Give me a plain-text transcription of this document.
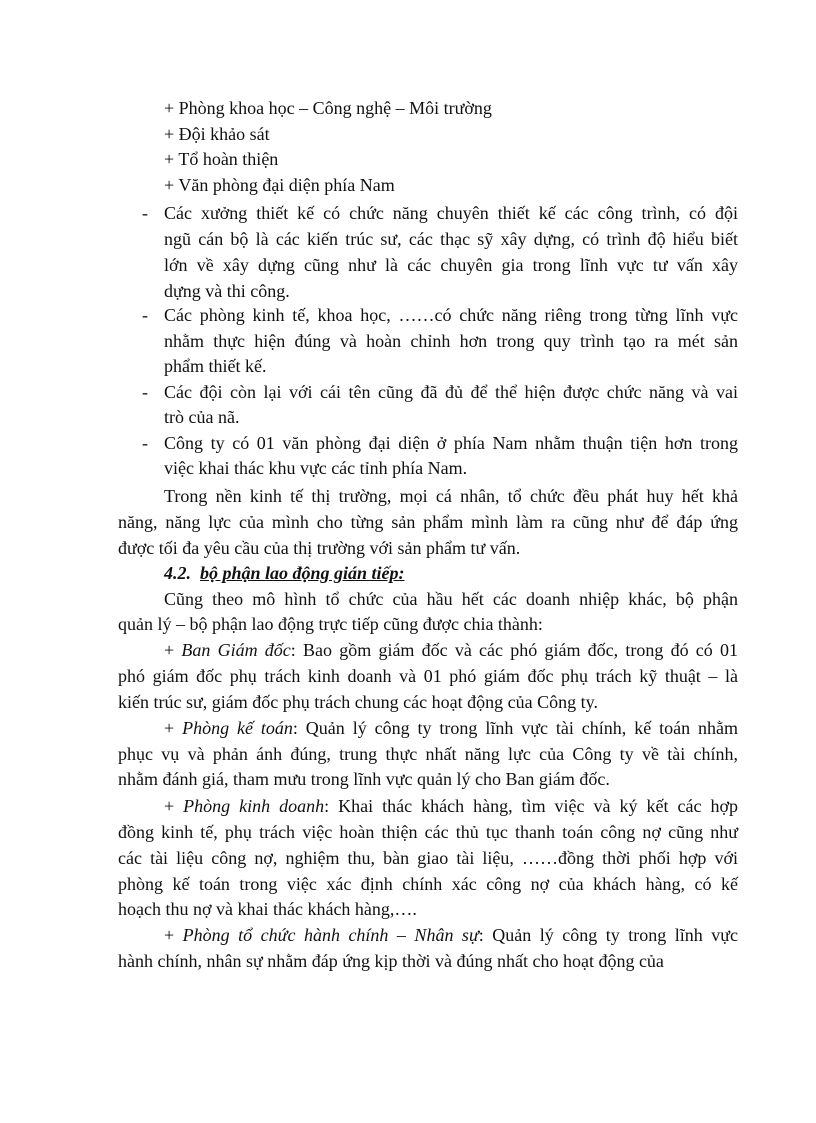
+ Phòng khoa học – Công nghệ – Môi trường
+ Đội khảo sát
+ Tổ hoàn thiện
+ Văn phòng đại diện phía Nam
- Các xưởng thiết kế có chức năng chuyên thiết kế các công trình, có đội
ngũ cán bộ là các kiến trúc sư, các thạc sỹ xây dựng, có trình độ hiểu biết
lớn về xây dựng cũng như là các chuyên gia trong lĩnh vực tư vấn xây
dựng và thi công.
- Các phòng kinh tế, khoa học, ……có chức năng riêng trong từng lĩnh vực
nhằm thực hiện đúng và hoàn chỉnh hơn trong quy trình tạo ra mét sản
phẩm thiết kế.
- Các đội còn lại với cái tên cũng đã đủ để thể hiện được chức năng và vai
trò của nã.
- Công ty có 01 văn phòng đại diện ở phía Nam nhằm thuận tiện hơn trong
việc khai thác khu vực các tỉnh phía Nam.
Trong nền kinh tế thị trường, mọi cá nhân, tổ chức đều phát huy hết khả
năng, năng lực của mình cho từng sản phẩm mình làm ra cũng như để đáp ứng
được tối đa yêu cầu của thị trường với sản phẩm tư vấn.
4.2. bộ phận lao động gián tiếp:
Cũng theo mô hình tổ chức của hầu hết các doanh nhiệp khác, bộ phận
quản lý – bộ phận lao động trực tiếp cũng được chia thành:
+ Ban Giám đốc: Bao gồm giám đốc và các phó giám đốc, trong đó có 01
phó giám đốc phụ trách kinh doanh và 01 phó giám đốc phụ trách kỹ thuật – là
kiến trúc sư, giám đốc phụ trách chung các hoạt động của Công ty.
+ Phòng kế toán: Quản lý công ty trong lĩnh vực tài chính, kế toán nhằm
phục vụ và phản ánh đúng, trung thực nhất năng lực của Công ty về tài chính,
nhằm đánh giá, tham mưu trong lĩnh vực quản lý cho Ban giám đốc.
+ Phòng kinh doanh: Khai thác khách hàng, tìm việc và ký kết các hợp
đồng kinh tế, phụ trách việc hoàn thiện các thủ tục thanh toán công nợ cũng như
các tài liệu công nợ, nghiệm thu, bàn giao tài liệu, ……đồng thời phối hợp với
phòng kế toán trong việc xác định chính xác công nợ của khách hàng, có kế
hoạch thu nợ và khai thác khách hàng,….
+ Phòng tổ chức hành chính – Nhân sự: Quản lý công ty trong lĩnh vực
hành chính, nhân sự nhằm đáp ứng kịp thời và đúng nhất cho hoạt động của
